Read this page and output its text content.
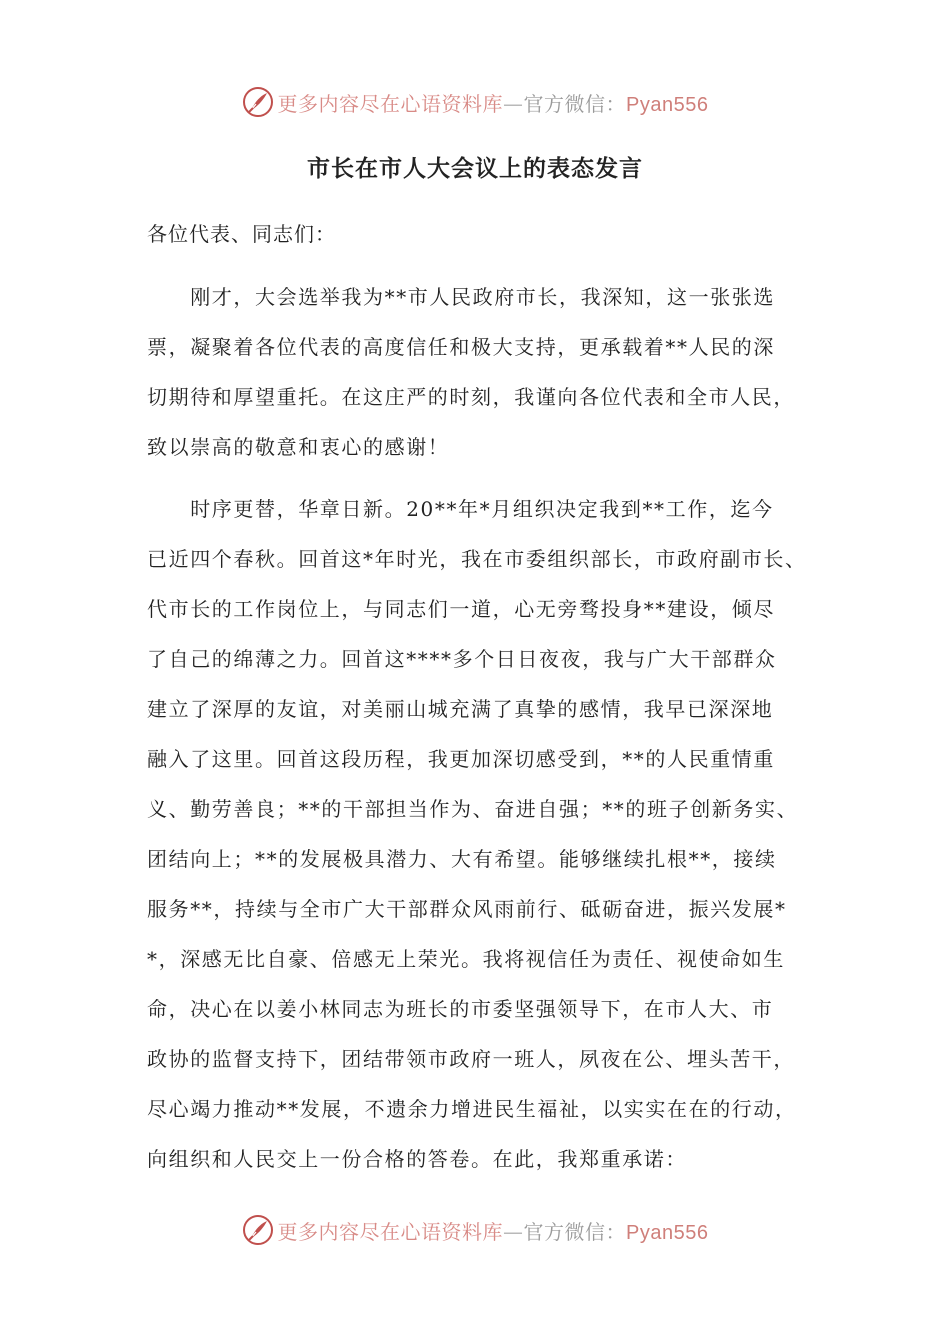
更多内容尽在心语资料库—官方微信：Pyan556
市长在市人大会议上的表态发言
各位代表、同志们：
　　刚才，大会选举我为**市人民政府市长，我深知，这一张张选
票，凝聚着各位代表的高度信任和极大支持，更承载着**人民的深
切期待和厚望重托。在这庄严的时刻，我谨向各位代表和全市人民，
致以崇高的敬意和衷心的感谢！
　　时序更替，华章日新。20**年*月组织决定我到**工作，迄今
已近四个春秋。回首这*年时光，我在市委组织部长，市政府副市长、
代市长的工作岗位上，与同志们一道，心无旁骛投身**建设，倾尽
了自己的绵薄之力。回首这****多个日日夜夜，我与广大干部群众
建立了深厚的友谊，对美丽山城充满了真挚的感情，我早已深深地
融入了这里。回首这段历程，我更加深切感受到，**的人民重情重
义、勤劳善良；**的干部担当作为、奋进自强；**的班子创新务实、
团结向上；**的发展极具潜力、大有希望。能够继续扎根**，接续
服务**，持续与全市广大干部群众风雨前行、砥砺奋进，振兴发展*
*，深感无比自豪、倍感无上荣光。我将视信任为责任、视使命如生
命，决心在以姜小林同志为班长的市委坚强领导下，在市人大、市
政协的监督支持下，团结带领市政府一班人，夙夜在公、埋头苦干，
尽心竭力推动**发展，不遗余力增进民生福祉，以实实在在的行动，
向组织和人民交上一份合格的答卷。在此，我郑重承诺：
更多内容尽在心语资料库—官方微信：Pyan556
